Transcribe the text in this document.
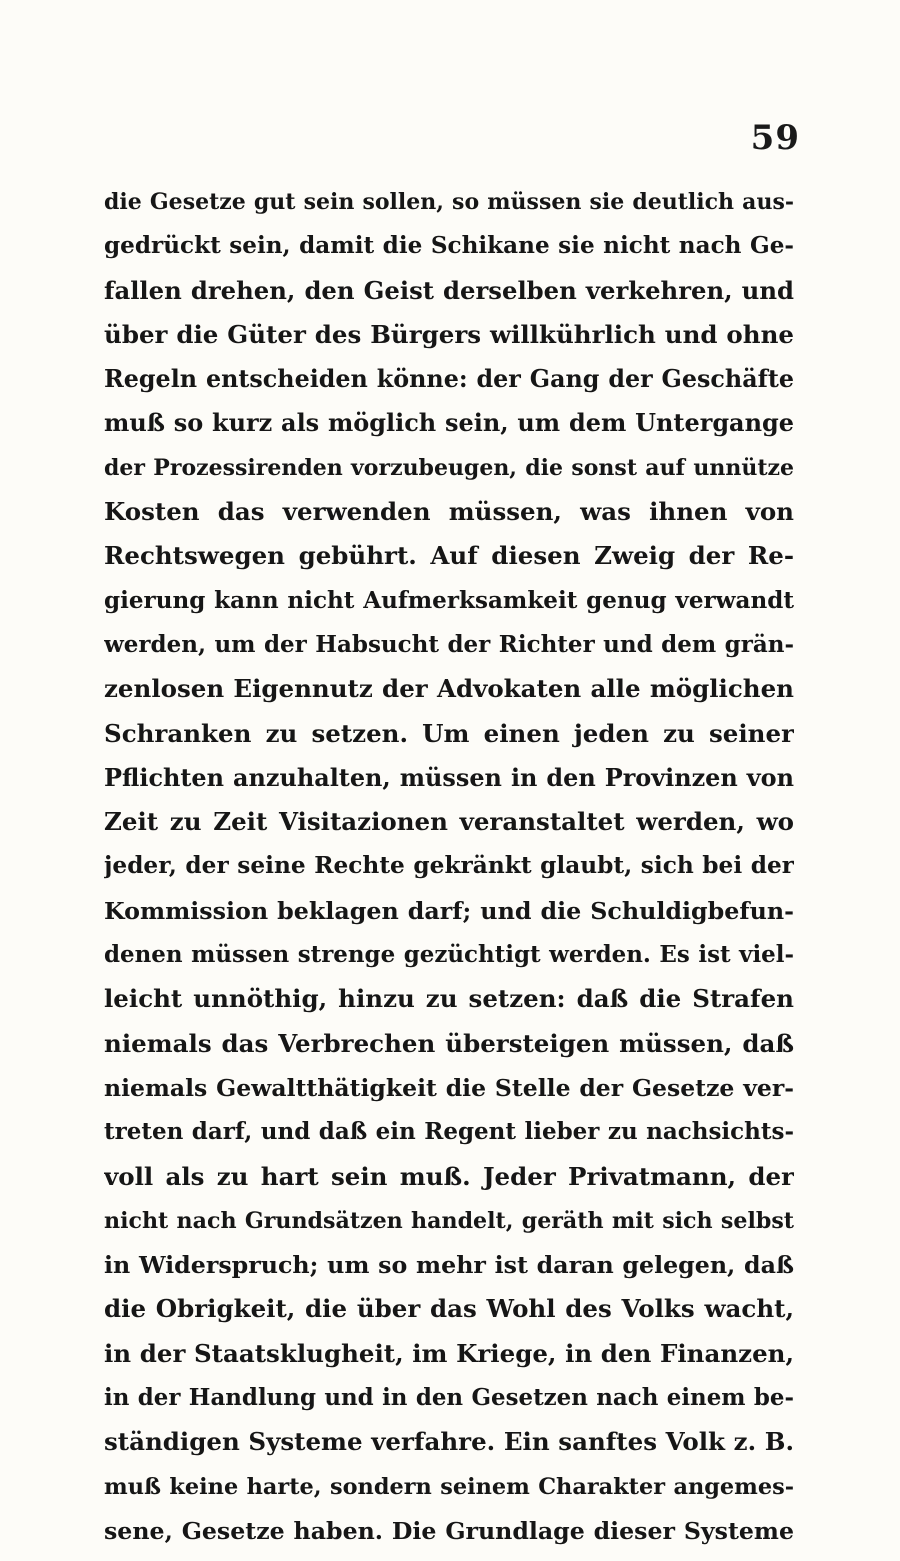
59
die Gesetze gut sein sollen, so müssen sie deutlich aus-
gedrückt sein, damit die Schikane sie nicht nach Ge-
fallen drehen, den Geist derselben verkehren, und
über die Güter des Bürgers willkührlich und ohne
Regeln entscheiden könne: der Gang der Geschäfte
muß so kurz als möglich sein, um dem Untergange
der Prozessirenden vorzubeugen, die sonst auf unnütze
Kosten das verwenden müssen, was ihnen von
Rechtswegen gebührt. Auf diesen Zweig der Re-
gierung kann nicht Aufmerksamkeit genug verwandt
werden, um der Habsucht der Richter und dem grän-
zenlosen Eigennutz der Advokaten alle möglichen
Schranken zu setzen. Um einen jeden zu seiner
Pflichten anzuhalten, müssen in den Provinzen von
Zeit zu Zeit Visitazionen veranstaltet werden, wo
jeder, der seine Rechte gekränkt glaubt, sich bei der
Kommission beklagen darf; und die Schuldigbefun-
denen müssen strenge gezüchtigt werden. Es ist viel-
leicht unnöthig, hinzu zu setzen: daß die Strafen
niemals das Verbrechen übersteigen müssen, daß
niemals Gewaltthätigkeit die Stelle der Gesetze ver-
treten darf, und daß ein Regent lieber zu nachsichts-
voll als zu hart sein muß. Jeder Privatmann, der
nicht nach Grundsätzen handelt, geräth mit sich selbst
in Widerspruch; um so mehr ist daran gelegen, daß
die Obrigkeit, die über das Wohl des Volks wacht,
in der Staatsklugheit, im Kriege, in den Finanzen,
in der Handlung und in den Gesetzen nach einem be-
ständigen Systeme verfahre. Ein sanftes Volk z. B.
muß keine harte, sondern seinem Charakter angemes-
sene, Gesetze haben. Die Grundlage dieser Systeme
